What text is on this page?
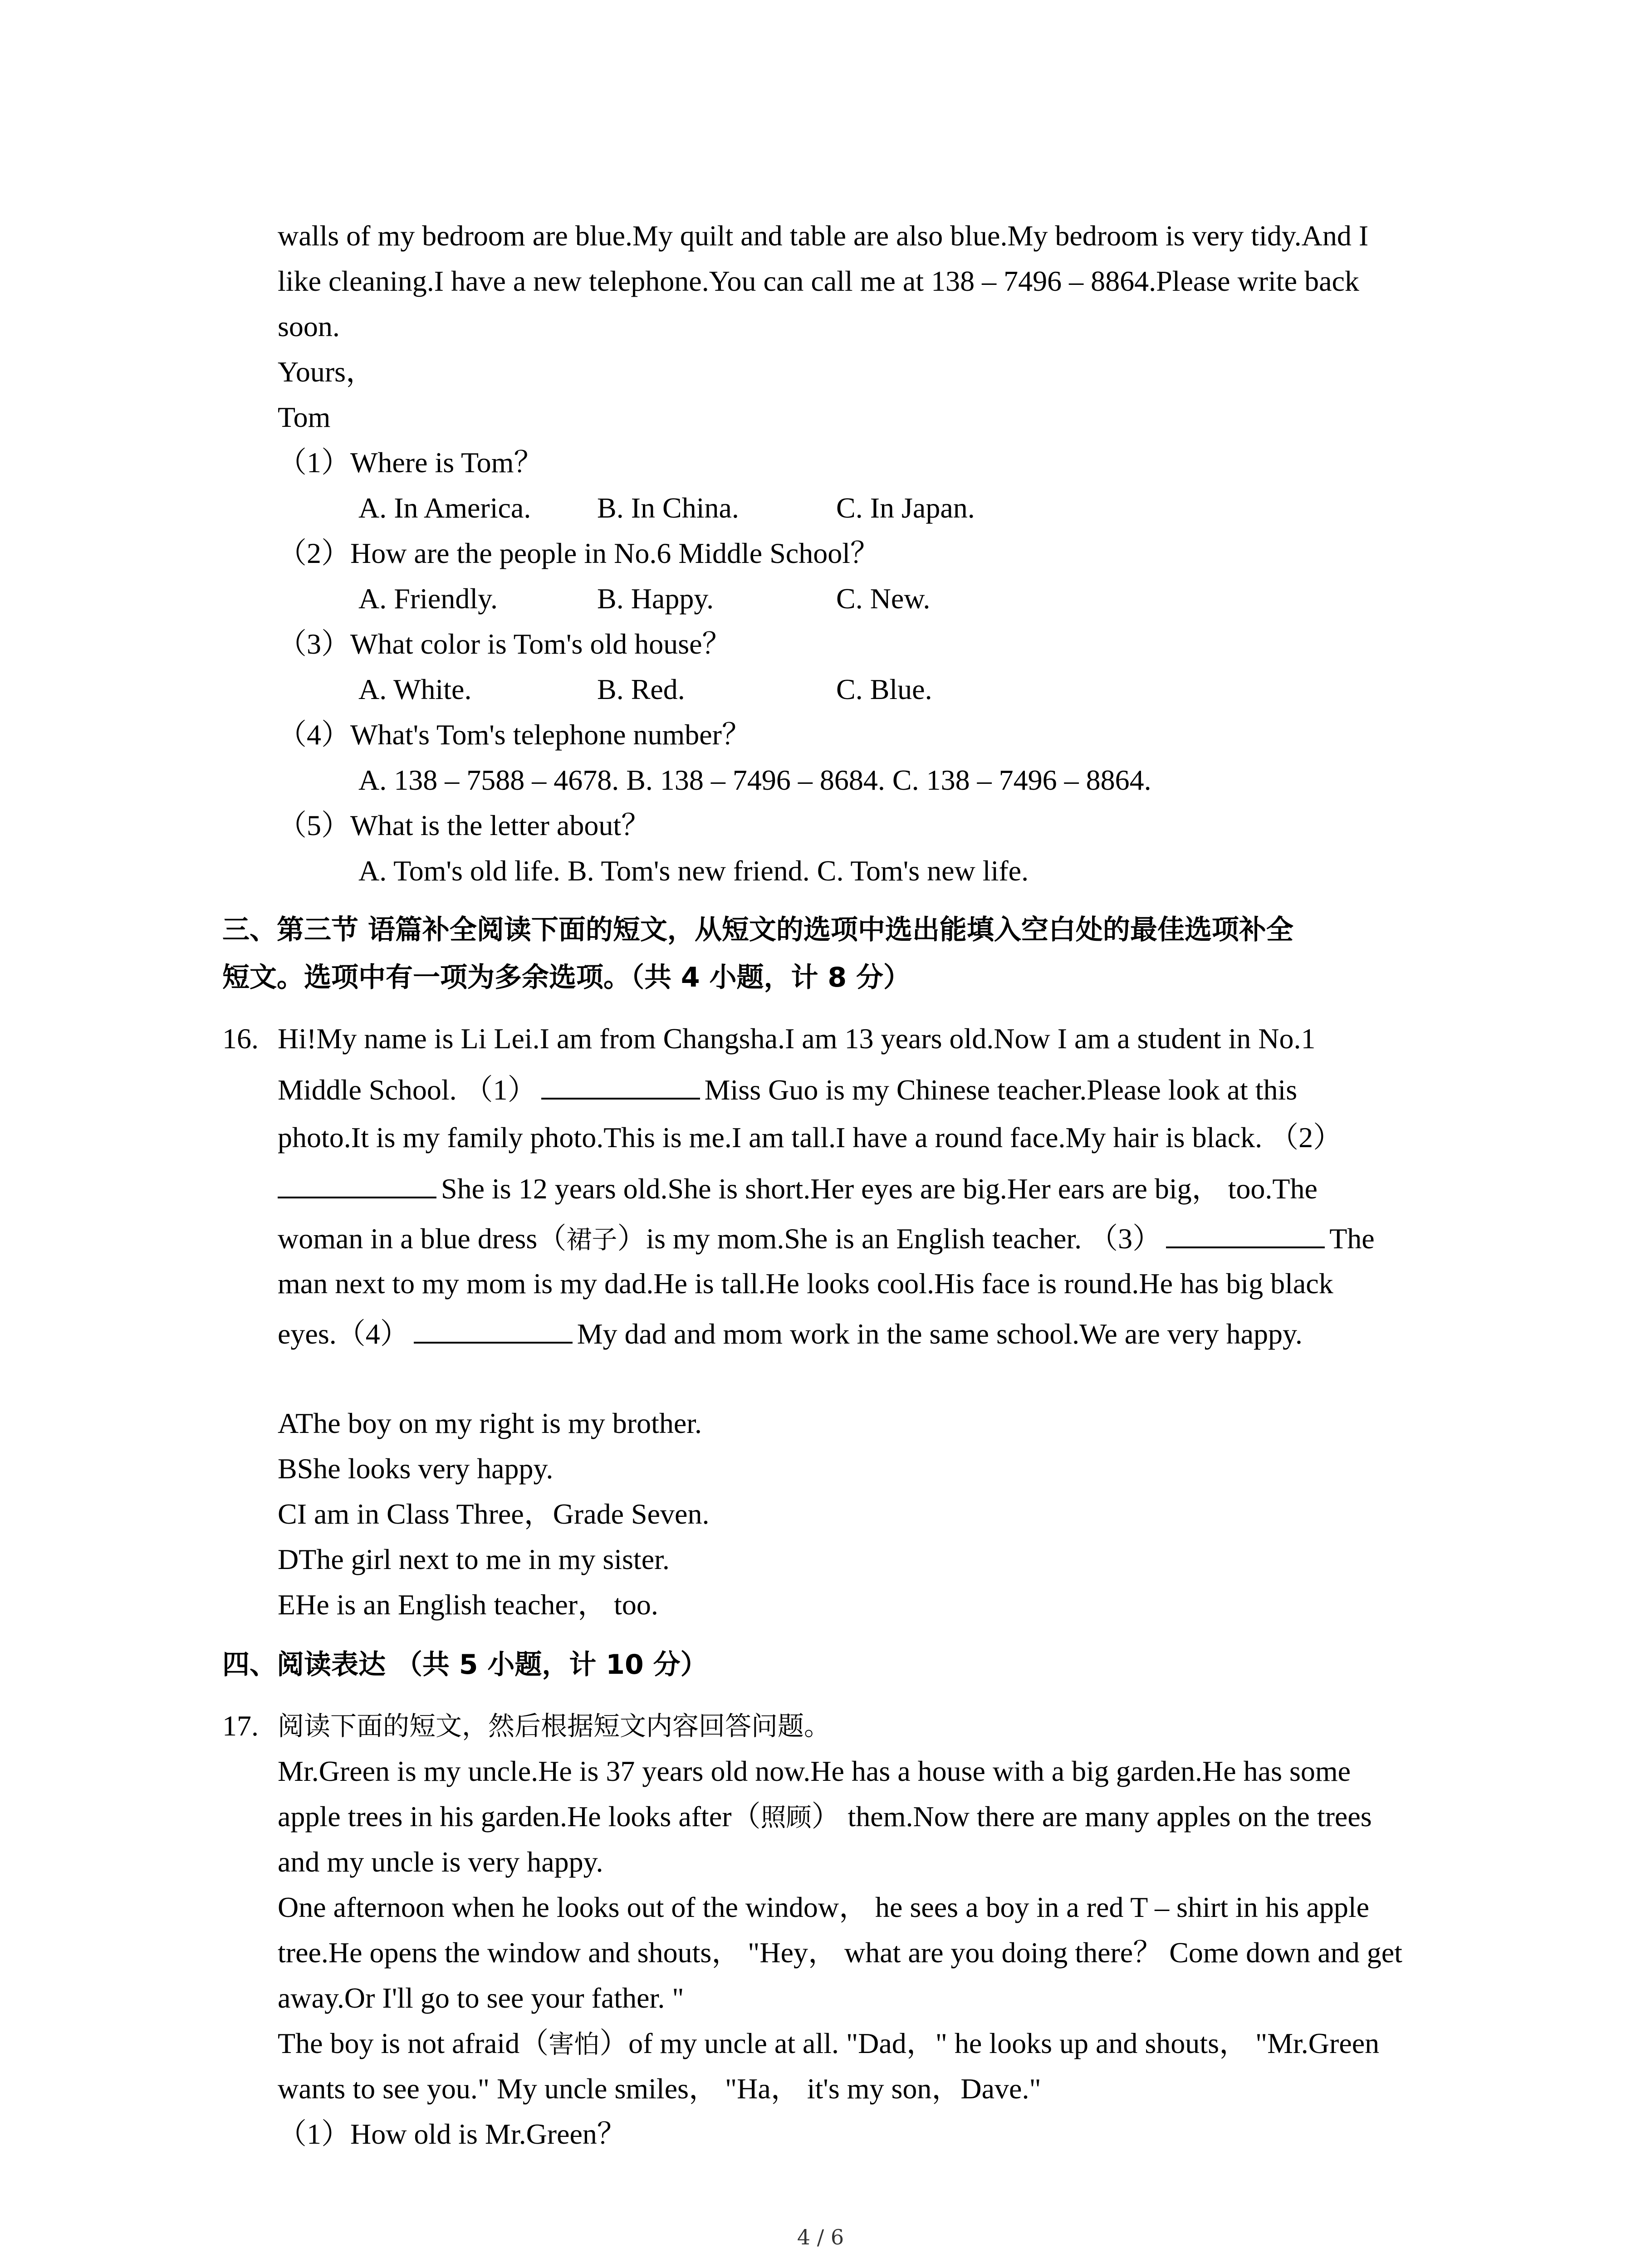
walls of my bedroom are blue.My quilt and table are also blue.My bedroom is very tidy.And I
like cleaning.I have a new telephone.You can call me at 138 – 7496 – 8864.Please write back
soon.
Yours，
Tom
（1）Where is Tom？
A. In America. B. In China.	C. In Japan.
（2）How are the people in No.6 Middle School？
A. Friendly.	B. Happy.	C. New.
（3）What color is Tom's old house？
A. White.	B. Red.	C. Blue.
（4）What's Tom's telephone number？
A. 138 – 7588 – 4678. B. 138 – 7496 – 8684. C. 138 – 7496 – 8864.
（5）What is the letter about？
A. Tom's old life. B. Tom's new friend. C. Tom's new life.
三、第三节 语篇补全阅读下面的短文，从短文的选项中选出能填入空白处的最佳选项补全
短文。选项中有一项为多余选项。（共 4 小题，计 8 分）
16. Hi!My name is Li Lei.I am from Changsha.I am 13 years old.Now I am a student in No.1
Middle School. （1）	Miss Guo is my Chinese teacher.Please look at this
photo.It is my family photo.This is me.I am tall.I have a round face.My hair is black. （2）
She is 12 years old.She is short.Her eyes are big.Her ears are big， too.The
woman in a blue dress（裙子）is my mom.She is an English teacher. （3）	The
man next to my mom is my dad.He is tall.He looks cool.His face is round.He has big black
eyes.（4）	My dad and mom work in the same school.We are very happy.
AThe boy on my right is my brother.
BShe looks very happy.
CI am in Class Three，Grade Seven.
DThe girl next to me in my sister.
EHe is an English teacher， too.
四、阅读表达 （共 5 小题，计 10 分）
17. 阅读下面的短文，然后根据短文内容回答问题。
Mr.Green is my uncle.He is 37 years old now.He has a house with a big garden.He has some
apple trees in his garden.He looks after（照顾） them.Now there are many apples on the trees
and my uncle is very happy.
One afternoon when he looks out of the window， he sees a boy in a red T – shirt in his apple
tree.He opens the window and shouts， "Hey， what are you doing there？ Come down and get
away.Or I'll go to see your father. "
The boy is not afraid（害怕）of my uncle at all. "Dad，" he looks up and shouts， "Mr.Green
wants to see you." My uncle smiles， "Ha， it's my son，Dave."
（1）How old is Mr.Green？
4 / 6
